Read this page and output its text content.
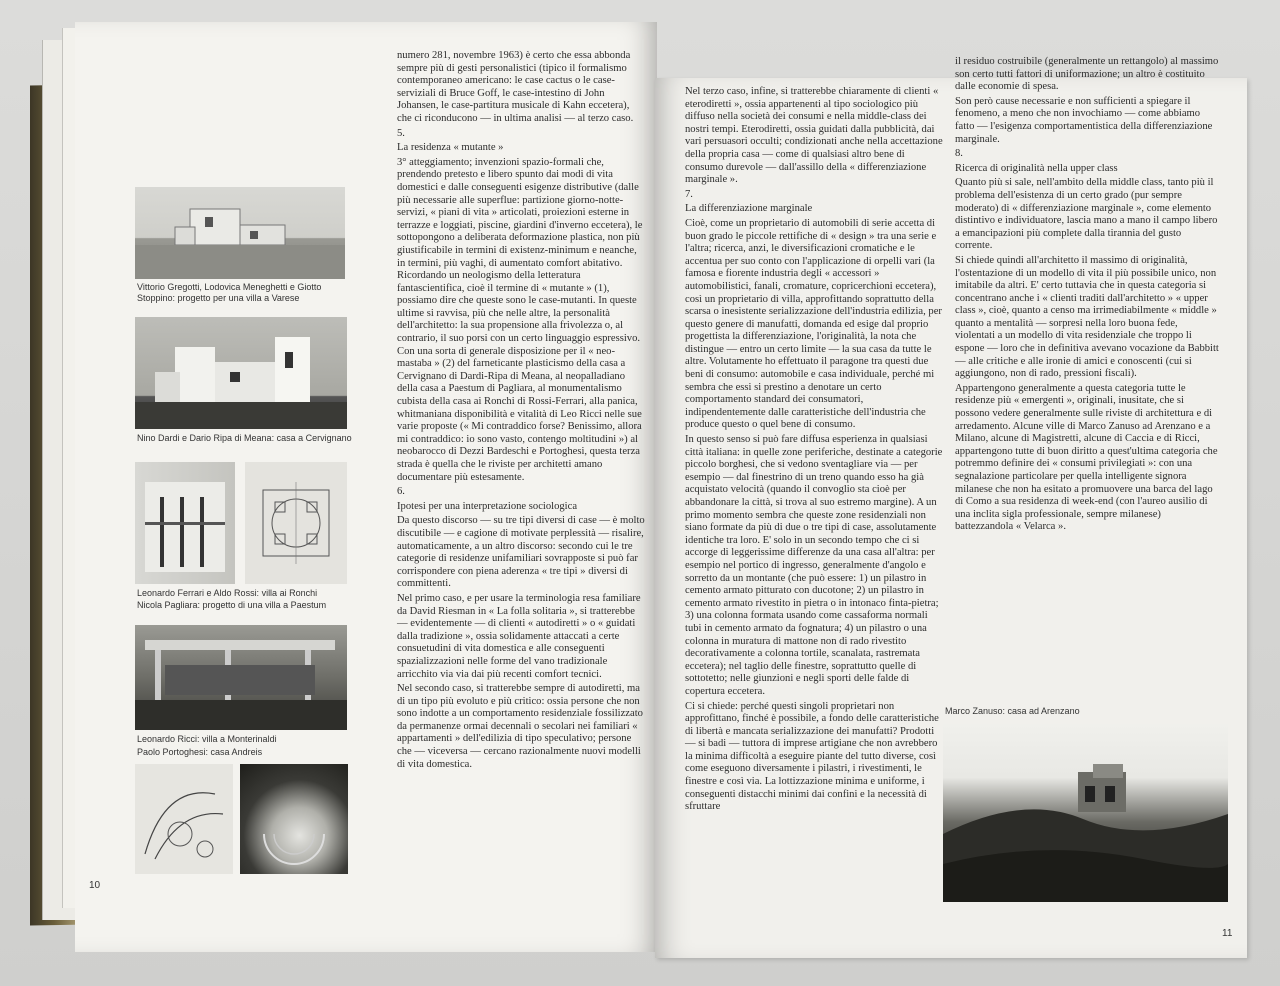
Vittorio Gregotti, Lodovica Meneghetti e Giotto Stoppino: progetto per una villa a Varese
Nino Dardi e Dario Ripa di Meana: casa a Cervignano
Leonardo Ferrari e Aldo Rossi: villa ai Ronchi
Nicola Pagliara: progetto di una villa a Paestum
Leonardo Ricci: villa a Monterinaldi
Paolo Portoghesi: casa Andreis
10

numero 281, novembre 1963) è certo che essa abbonda sempre più di gesti personalistici (tipico il formalismo contemporaneo americano: le case cactus o le case-serviziali di Bruce Goff, le case-intestino di John Johansen, le case-partitura musicale di Kahn eccetera), che ci riconducono — in ultima analisi — al terzo caso.

5.

La residenza « mutante »

3° atteggiamento; invenzioni spazio-formali che, prendendo pretesto e libero spunto dai modi di vita domestici e dalle conseguenti esigenze distributive (dalle più necessarie alle superflue: partizione giorno-notte-servizi, « piani di vita » articolati, proiezioni esterne in terrazze e loggiati, piscine, giardini d'inverno eccetera), le sottopongono a deliberata deformazione plastica, non più giustificabile in termini di existenz-minimum e neanche, in termini, più vaghi, di aumentato comfort abitativo. Ricordando un neologismo della letteratura fantascientifica, cioè il termine di « mutante » (1), possiamo dire che queste sono le case-mutanti. In queste ultime si ravvisa, più che nelle altre, la personalità dell'architetto: la sua propensione alla frivolezza o, al contrario, il suo porsi con un certo linguaggio espressivo. Con una sorta di generale disposizione per il « neo-mastaba » (2) del farneticante plasticismo della casa a Cervignano di Dardi-Ripa di Meana, al neopalladiano della casa a Paestum di Pagliara, al monumentalismo cubista della casa ai Ronchi di Rossi-Ferrari, alla panica, whitmaniana disponibilità e vitalità di Leo Ricci nelle sue varie proposte (« Mi contraddico forse? Benissimo, allora mi contraddico: io sono vasto, contengo moltitudini ») al neobarocco di Dezzi Bardeschi e Portoghesi, questa terza strada è quella che le riviste per architetti amano documentare più estesamente.

6.

Ipotesi per una interpretazione sociologica

Da questo discorso — su tre tipi diversi di case — è molto discutibile — e cagione di motivate perplessità — risalire, automaticamente, a un altro discorso: secondo cui le tre categorie di residenze unifamiliari sovrapposte si può far corrispondere con piena aderenza « tre tipi » diversi di committenti.

Nel primo caso, e per usare la terminologia resa familiare da David Riesman in « La folla solitaria », si tratterebbe — evidentemente — di clienti « autodiretti » o « guidati dalla tradizione », ossia solidamente attaccati a certe consuetudini di vita domestica e alle conseguenti spazializzazioni nelle forme del vano tradizionale arricchito via via dai più recenti comfort tecnici.

Nel secondo caso, si tratterebbe sempre di autodiretti, ma di un tipo più evoluto e più critico: ossia persone che non sono indotte a un comportamento residenziale fossilizzato da permanenze ormai decennali o secolari nei familiari « appartamenti » dell'edilizia di tipo speculativo; persone che — viceversa — cercano razionalmente nuovi modelli di vita domestica.

Nel terzo caso, infine, si tratterebbe chiaramente di clienti « eterodiretti », ossia appartenenti al tipo sociologico più diffuso nella società dei consumi e nella middle-class dei nostri tempi. Eterodiretti, ossia guidati dalla pubblicità, dai vari persuasori occulti; condizionati anche nella accettazione della propria casa — come di qualsiasi altro bene di consumo durevole — dall'assillo della « differenziazione marginale ».

7.

La differenziazione marginale

Cioè, come un proprietario di automobili di serie accetta di buon grado le piccole rettifiche di « design » tra una serie e l'altra; ricerca, anzi, le diversificazioni cromatiche e le accentua per suo conto con l'applicazione di orpelli vari (la famosa e fiorente industria degli « accessori » automobilistici, fanali, cromature, copricerchioni eccetera), così un proprietario di villa, approfittando soprattutto della scarsa o inesistente serializzazione dell'industria edilizia, per questo genere di manufatti, domanda ed esige dal proprio progettista la differenziazione, l'originalità, la nota che distingue — entro un certo limite — la sua casa da tutte le altre. Volutamente ho effettuato il paragone tra questi due beni di consumo: automobile e casa individuale, perché mi sembra che essi si prestino a denotare un certo comportamento standard dei consumatori, indipendentemente dalle caratteristiche dell'industria che produce questo o quel bene di consumo.

In questo senso si può fare diffusa esperienza in qualsiasi città italiana: in quelle zone periferiche, destinate a categorie piccolo borghesi, che si vedono sventagliare via — per esempio — dal finestrino di un treno quando esso ha già acquistato velocità (quando il convoglio sta cioè per abbandonare la città, si trova al suo estremo margine). A un primo momento sembra che queste zone residenziali non siano formate da più di due o tre tipi di case, assolutamente identiche tra loro. E' solo in un secondo tempo che ci si accorge di leggerissime differenze da una casa all'altra: per esempio nel portico di ingresso, generalmente d'angolo e sorretto da un montante (che può essere: 1) un pilastro in cemento armato pitturato con ducotone; 2) un pilastro in cemento armato rivestito in pietra o in intonaco finta-pietra; 3) una colonna formata usando come cassaforma normali tubi in cemento armato da fognatura; 4) un pilastro o una colonna in muratura di mattone non di rado rivestito decorativamente a colonna tortile, scanalata, rastremata eccetera); nel taglio delle finestre, soprattutto quelle di sottotetto; nelle giunzioni e negli sporti delle falde di copertura eccetera.

Ci si chiede: perché questi singoli proprietari non approfittano, finché è possibile, a fondo delle caratteristiche di libertà e mancata serializzazione dei manufatti? Prodotti — si badi — tuttora di imprese artigiane che non avrebbero la minima difficoltà a eseguire piante del tutto diverse, così come eseguono diversamente i pilastri, i rivestimenti, le finestre e così via. La lottizzazione minima e uniforme, i conseguenti distacchi minimi dai confini e la necessità di sfruttare

il residuo costruibile (generalmente un rettangolo) al massimo son certo tutti fattori di uniformazione; un altro è costituito dalle economie di spesa.

Son però cause necessarie e non sufficienti a spiegare il fenomeno, a meno che non invochiamo — come abbiamo fatto — l'esigenza comportamentistica della differenziazione marginale.

8.

Ricerca di originalità nella upper class

Quanto più si sale, nell'ambito della middle class, tanto più il problema dell'esistenza di un certo grado (pur sempre moderato) di « differenziazione marginale », come elemento distintivo e individuatore, lascia mano a mano il campo libero a emancipazioni più complete dalla tirannia del gusto corrente.

Si chiede quindi all'architetto il massimo di originalità, l'ostentazione di un modello di vita il più possibile unico, non imitabile da altri. E' certo tuttavia che in questa categoria si concentrano anche i « clienti traditi dall'architetto » « upper class », cioè, quanto a censo ma irrimediabilmente « middle » quanto a mentalità — sorpresi nella loro buona fede, violentati a un modello di vita residenziale che troppo li espone — loro che in definitiva avevano vocazione da Babbitt — alle critiche e alle ironie di amici e conoscenti (cui si aggiungono, non di rado, pressioni fiscali).

Appartengono generalmente a questa categoria tutte le residenze più « emergenti », originali, inusitate, che si possono vedere generalmente sulle riviste di architettura e di arredamento. Alcune ville di Marco Zanuso ad Arenzano e a Milano, alcune di Magistretti, alcune di Caccia e di Ricci, appartengono tutte di buon diritto a quest'ultima categoria che potremmo definire dei « consumi privilegiati »: con una segnalazione particolare per quella intelligente signora milanese che non ha esitato a promuovere una barca del lago di Como a sua residenza di week-end (con l'aureo ausilio di una inclita sigla professionale, sempre milanese) battezzandola « Velarca ».

Marco Zanuso: casa ad Arenzano
11
